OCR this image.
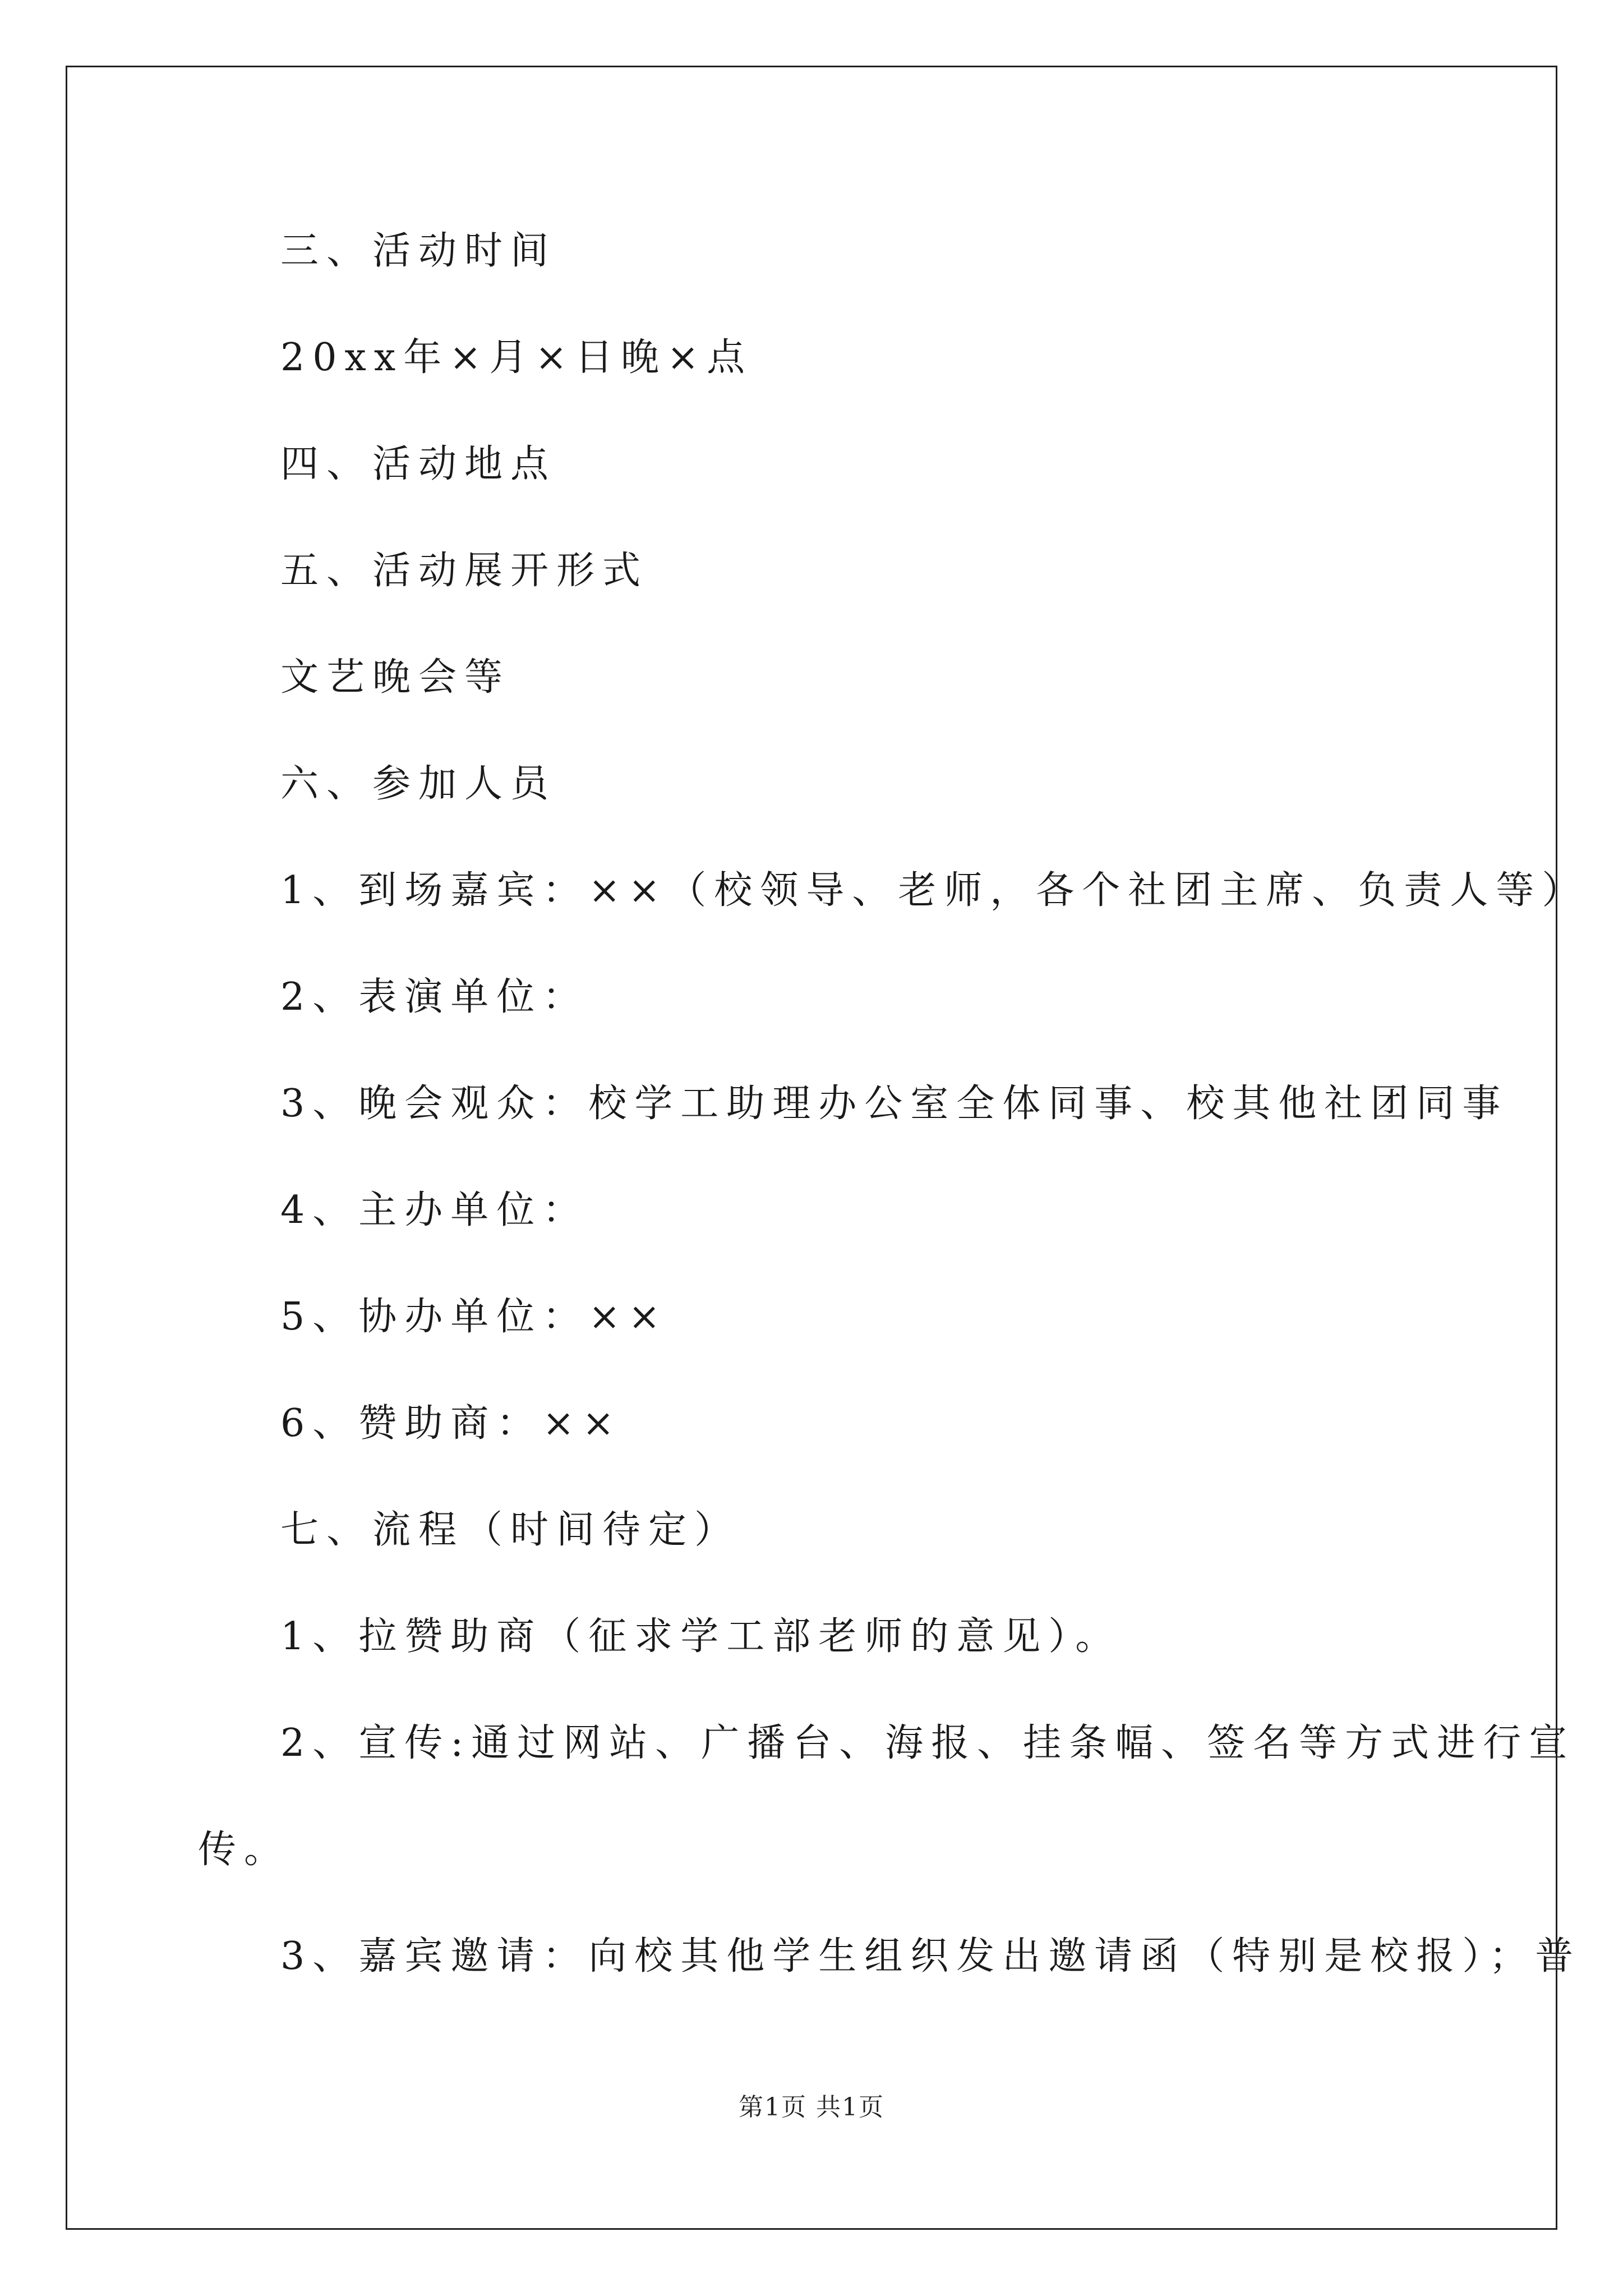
三、活动时间
20xx年×月×日晚×点
四、活动地点
五、活动展开形式
文艺晚会等
六、参加人员
1、到场嘉宾：××（校领导、老师，各个社团主席、负责人等）
2、表演单位：
3、晚会观众：校学工助理办公室全体同事、校其他社团同事
4、主办单位：
5、协办单位：××
6、赞助商：××
七、流程（时间待定）
1、拉赞助商（征求学工部老师的意见）。
2、宣传:通过网站、广播台、海报、挂条幅、签名等方式进行宣
传。
3、嘉宾邀请：向校其他学生组织发出邀请函（特别是校报）；普
第1页 共1页
